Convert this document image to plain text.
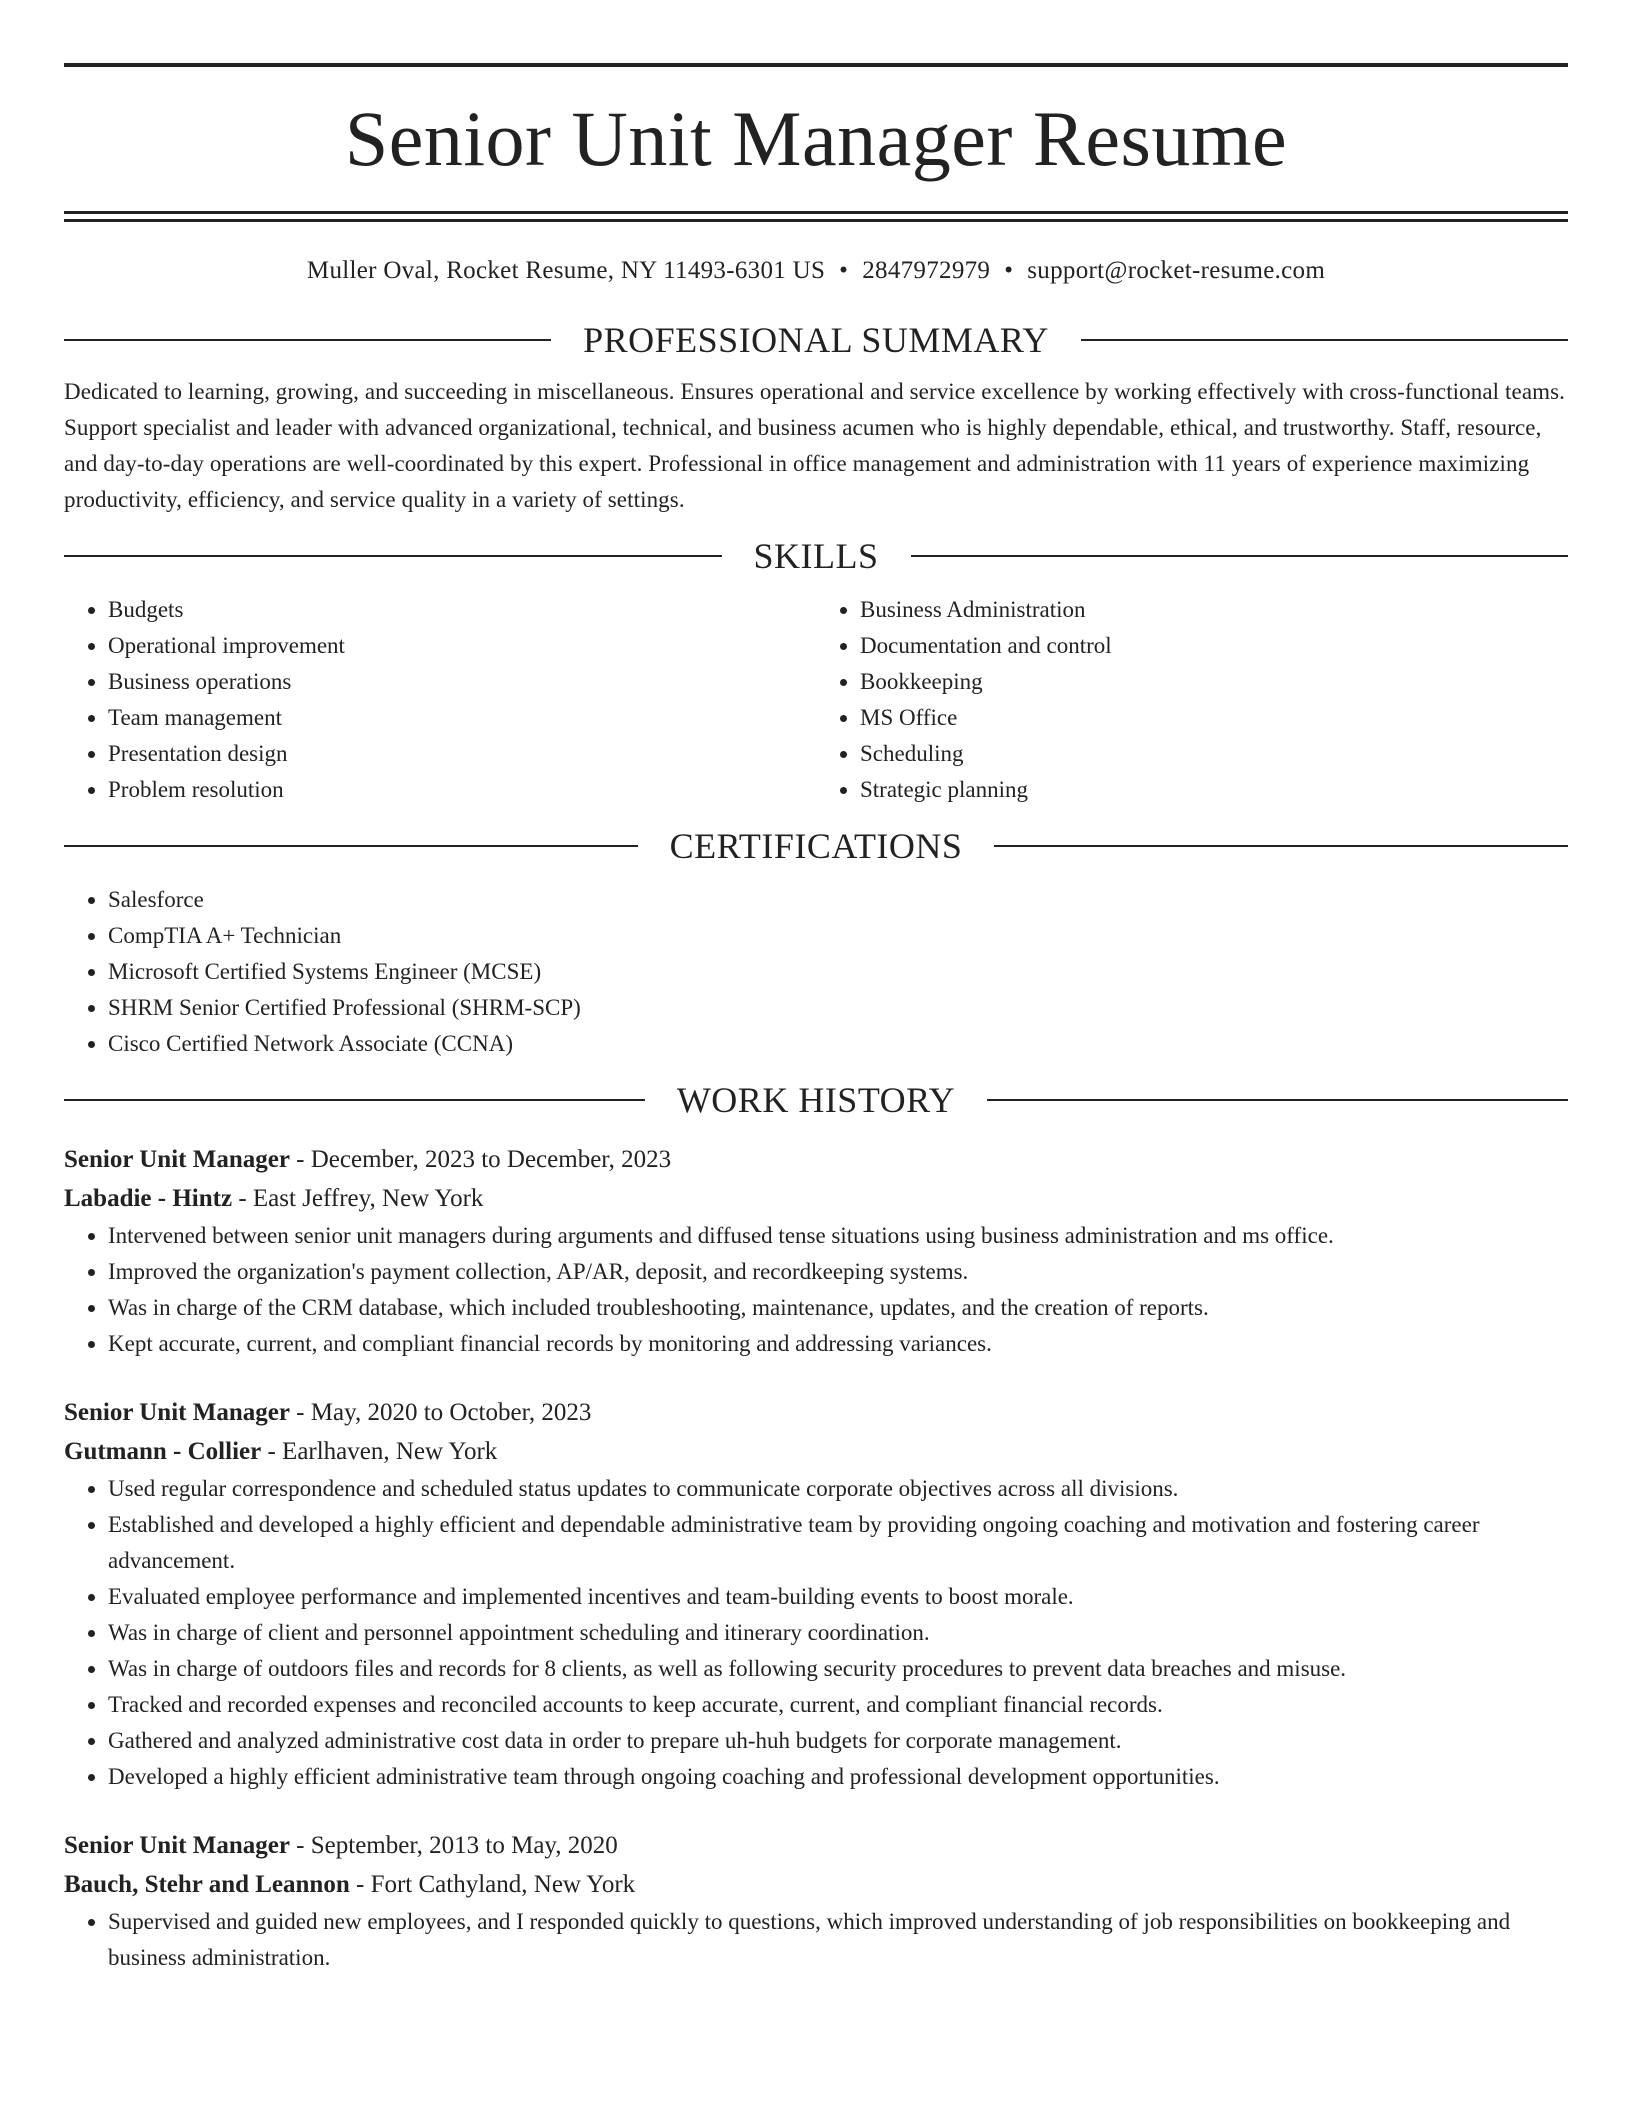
Senior Unit Manager Resume
Muller Oval, Rocket Resume, NY 11493-6301 US • 2847972979 • support@rocket-resume.com
PROFESSIONAL SUMMARY

Dedicated to learning, growing, and succeeding in miscellaneous. Ensures operational and service excellence by working effectively with cross-functional teams. Support specialist and leader with advanced organizational, technical, and business acumen who is highly dependable, ethical, and trustworthy. Staff, resource, and day-to-day operations are well-coordinated by this expert. Professional in office management and administration with 11 years of experience maximizing productivity, efficiency, and service quality in a variety of settings.

SKILLS
• Budgets
• Operational improvement
• Business operations
• Team management
• Presentation design
• Problem resolution
• Business Administration
• Documentation and control
• Bookkeeping
• MS Office
• Scheduling
• Strategic planning
CERTIFICATIONS
• Salesforce
• CompTIA A+ Technician
• Microsoft Certified Systems Engineer (MCSE)
• SHRM Senior Certified Professional (SHRM-SCP)
• Cisco Certified Network Associate (CCNA)
WORK HISTORY
Senior Unit Manager - December, 2023 to December, 2023
Labadie - Hintz - East Jeffrey, New York
• Intervened between senior unit managers during arguments and diffused tense situations using business administration and ms office.
• Improved the organization's payment collection, AP/AR, deposit, and recordkeeping systems.
• Was in charge of the CRM database, which included troubleshooting, maintenance, updates, and the creation of reports.
• Kept accurate, current, and compliant financial records by monitoring and addressing variances.
Senior Unit Manager - May, 2020 to October, 2023
Gutmann - Collier - Earlhaven, New York
• Used regular correspondence and scheduled status updates to communicate corporate objectives across all divisions.
• Established and developed a highly efficient and dependable administrative team by providing ongoing coaching and motivation and fostering career advancement.
• Evaluated employee performance and implemented incentives and team-building events to boost morale.
• Was in charge of client and personnel appointment scheduling and itinerary coordination.
• Was in charge of outdoors files and records for 8 clients, as well as following security procedures to prevent data breaches and misuse.
• Tracked and recorded expenses and reconciled accounts to keep accurate, current, and compliant financial records.
• Gathered and analyzed administrative cost data in order to prepare uh-huh budgets for corporate management.
• Developed a highly efficient administrative team through ongoing coaching and professional development opportunities.
Senior Unit Manager - September, 2013 to May, 2020
Bauch, Stehr and Leannon - Fort Cathyland, New York
• Supervised and guided new employees, and I responded quickly to questions, which improved understanding of job responsibilities on bookkeeping and business administration.
